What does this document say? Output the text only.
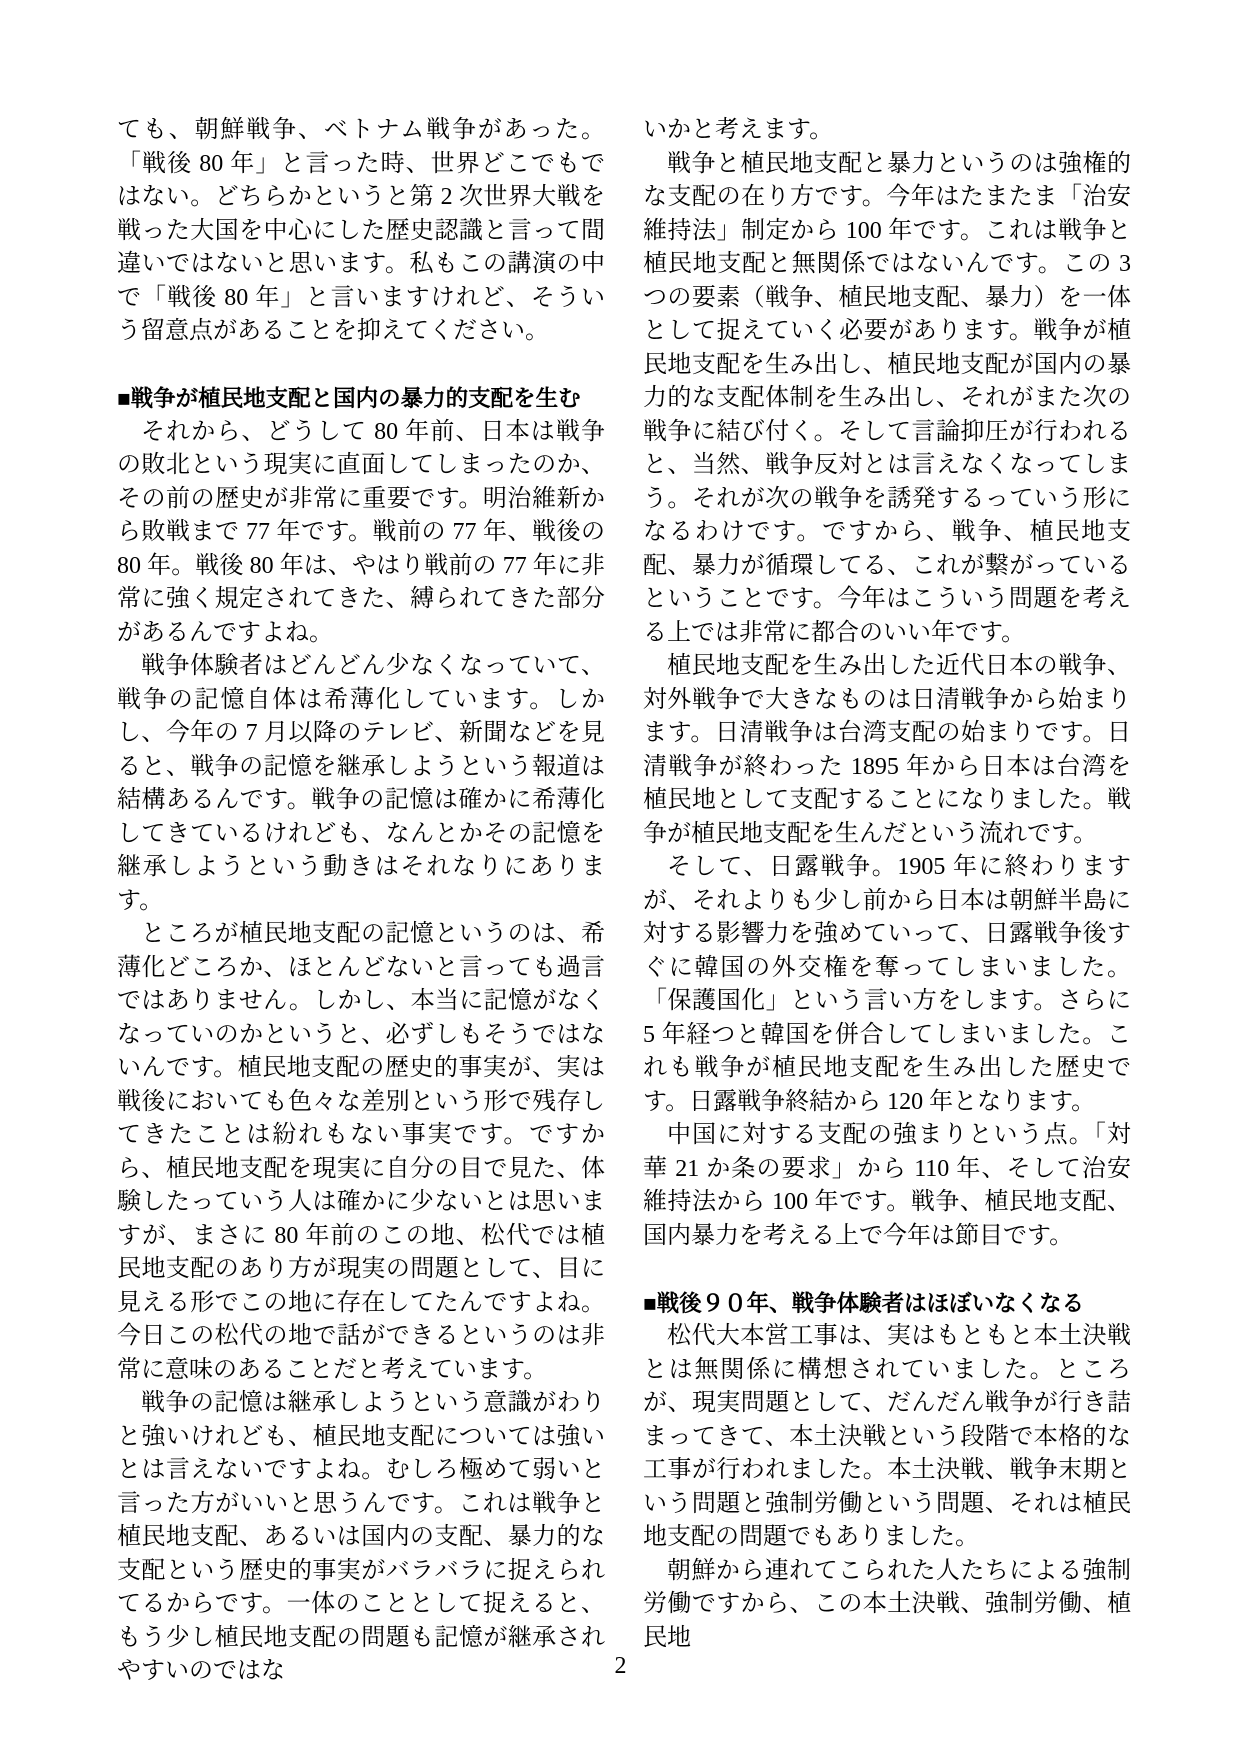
ても、朝鮮戦争、ベトナム戦争があった。「戦後 80 年」と言った時、世界どこでもではない。どちらかというと第 2 次世界大戦を戦った大国を中心にした歴史認識と言って間違いではないと思います。私もこの講演の中で「戦後 80 年」と言いますけれど、そういう留意点があることを抑えてください。

■戦争が植民地支配と国内の暴力的支配を生む

それから、どうして 80 年前、日本は戦争の敗北という現実に直面してしまったのか、その前の歴史が非常に重要です。明治維新から敗戦まで 77 年です。戦前の 77 年、戦後の 80 年。戦後 80 年は、やはり戦前の 77 年に非常に強く規定されてきた、縛られてきた部分があるんですよね。

戦争体験者はどんどん少なくなっていて、戦争の記憶自体は希薄化しています。しかし、今年の 7 月以降のテレビ、新聞などを見ると、戦争の記憶を継承しようという報道は結構あるんです。戦争の記憶は確かに希薄化してきているけれども、なんとかその記憶を継承しようという動きはそれなりにあります。

ところが植民地支配の記憶というのは、希薄化どころか、ほとんどないと言っても過言ではありません。しかし、本当に記憶がなくなっていのかというと、必ずしもそうではないんです。植民地支配の歴史的事実が、実は戦後においても色々な差別という形で残存してきたことは紛れもない事実です。ですから、植民地支配を現実に自分の目で見た、体験したっていう人は確かに少ないとは思いますが、まさに 80 年前のこの地、松代では植民地支配のあり方が現実の問題として、目に見える形でこの地に存在してたんですよね。今日この松代の地で話ができるというのは非常に意味のあることだと考えています。

戦争の記憶は継承しようという意識がわりと強いけれども、植民地支配については強いとは言えないですよね。むしろ極めて弱いと言った方がいいと思うんです。これは戦争と植民地支配、あるいは国内の支配、暴力的な支配という歴史的事実がバラバラに捉えられてるからです。一体のこととして捉えると、もう少し植民地支配の問題も記憶が継承されやすいのではな

いかと考えます。

戦争と植民地支配と暴力というのは強権的な支配の在り方です。今年はたまたま「治安維持法」制定から 100 年です。これは戦争と植民地支配と無関係ではないんです。この 3 つの要素（戦争、植民地支配、暴力）を一体として捉えていく必要があります。戦争が植民地支配を生み出し、植民地支配が国内の暴力的な支配体制を生み出し、それがまた次の戦争に結び付く。そして言論抑圧が行われると、当然、戦争反対とは言えなくなってしまう。それが次の戦争を誘発するっていう形になるわけです。ですから、戦争、植民地支配、暴力が循環してる、これが繋がっているということです。今年はこういう問題を考える上では非常に都合のいい年です。

植民地支配を生み出した近代日本の戦争、対外戦争で大きなものは日清戦争から始まります。日清戦争は台湾支配の始まりです。日清戦争が終わった 1895 年から日本は台湾を植民地として支配することになりました。戦争が植民地支配を生んだという流れです。

そして、日露戦争。1905 年に終わりますが、それよりも少し前から日本は朝鮮半島に対する影響力を強めていって、日露戦争後すぐに韓国の外交権を奪ってしまいました。「保護国化」という言い方をします。さらに 5 年経つと韓国を併合してしまいました。これも戦争が植民地支配を生み出した歴史です。日露戦争終結から 120 年となります。

中国に対する支配の強まりという点。「対華 21 か条の要求」から 110 年、そして治安維持法から 100 年です。戦争、植民地支配、国内暴力を考える上で今年は節目です。

■戦後９０年、戦争体験者はほぼいなくなる

松代大本営工事は、実はもともと本土決戦とは無関係に構想されていました。ところが、現実問題として、だんだん戦争が行き詰まってきて、本土決戦という段階で本格的な工事が行われました。本土決戦、戦争末期という問題と強制労働という問題、それは植民地支配の問題でもありました。

朝鮮から連れてこられた人たちによる強制労働ですから、この本土決戦、強制労働、植民地

2
